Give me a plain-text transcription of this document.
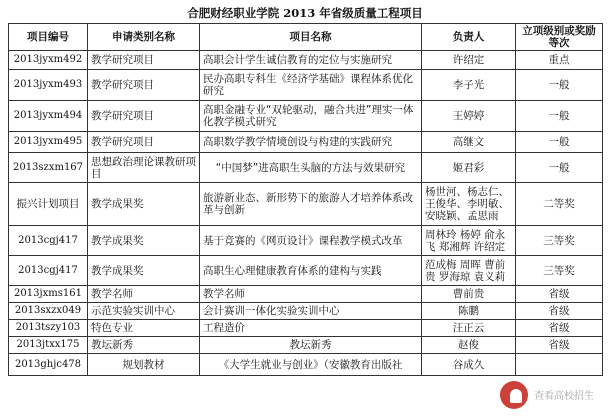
合肥财经职业学院 2013 年省级质量工程项目
项目编号	申请类别名称	项目名称	负责人	立项级别或奖励等次
2013jyxm492	教学研究项目	高职会计学生诚信教育的定位与实施研究	许绍定	重点
2013jyxm493	教学研究项目	民办高职专科生《经济学基础》课程体系优化研究	李子光	一般
2013jyxm494	教学研究项目	高职金融专业“双轮驱动，融合共进”理实一体化教学模式研究	王婷婷	一般
2013jyxm495	教学研究项目	高职数学教学情境创设与构建的实践研究	高继文	一般
2013szxm167	思想政治理论课教研项目	“中国梦”进高职生头脑的方法与效果研究	姬君彩	一般
振兴计划项目	教学成果奖	旅游新业态、新形势下的旅游人才培养体系改革与创新	杨世河、杨志仁、王俊华、李明敏、安晓颖、孟思雨	二等奖
2013cgj417	教学成果奖	基于竞赛的《网页设计》课程教学模式改革	周林玲 杨婷 俞永飞 郑湘辉 许绍定	三等奖
2013cgj417	教学成果奖	高职生心理健康教育体系的建构与实践	范成梅 周晖 曹前贵 罗海琼 袁义莉	三等奖
2013jxms161	教学名师	教学名师	曹前贵	省级
2013sxzx049	示范实验实训中心	会计赛训一体化实验实训中心	陈鹏	省级
2013tszy103	特色专业	工程造价	汪正云	省级
2013jtxx175	教坛新秀	教坛新秀	赵俊	省级
2013ghjc478	规划教材	《大学生就业与创业》（安徽教育出版社	谷成久	
查看高校招生
